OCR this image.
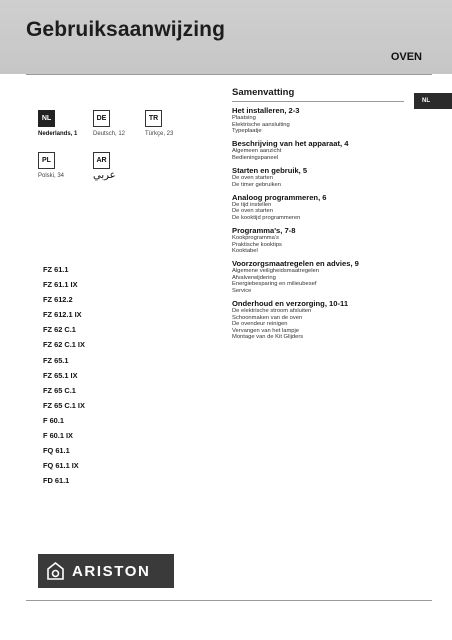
Gebruiksaanwijzing
OVEN
NL
NL
Nederlands, 1
DE
Deutsch, 12
TR
Türkçe, 23
PL
Polski, 34
AR
عربي
FZ 61.1
FZ 61.1 IX
FZ 612.2
FZ 612.1 IX
FZ 62 C.1
FZ 62 C.1 IX
FZ 65.1
FZ 65.1 IX
FZ 65 C.1
FZ 65 C.1 IX
F 60.1
F 60.1 IX
FQ 61.1
FQ 61.1 IX
FD 61.1
Samenvatting
Het installeren, 2-3
Plaatsing
Elektrische aansluiting
Typeplaatje
Beschrijving van het apparaat, 4
Algemeen aanzicht
Bedieningspaneel
Starten en gebruik, 5
De oven starten
De timer gebruiken
Analoog programmeren, 6
De tijd instellen
De oven starten
De kooktijd programmeren
Programma's, 7-8
Kookprogramma's
Praktische kooktips
Kooktabel
Voorzorgsmaatregelen en advies, 9
Algemene veiligheidsmaatregelen
Afvalverwijdering
Energiebesparing en milieubesef
Service
Onderhoud en verzorging, 10-11
De elektrische stroom afsluiten
Schoonmaken van de oven
De ovendeur reinigen
Vervangen van het lampje
Montage van de Kit Glijders
ARISTON
